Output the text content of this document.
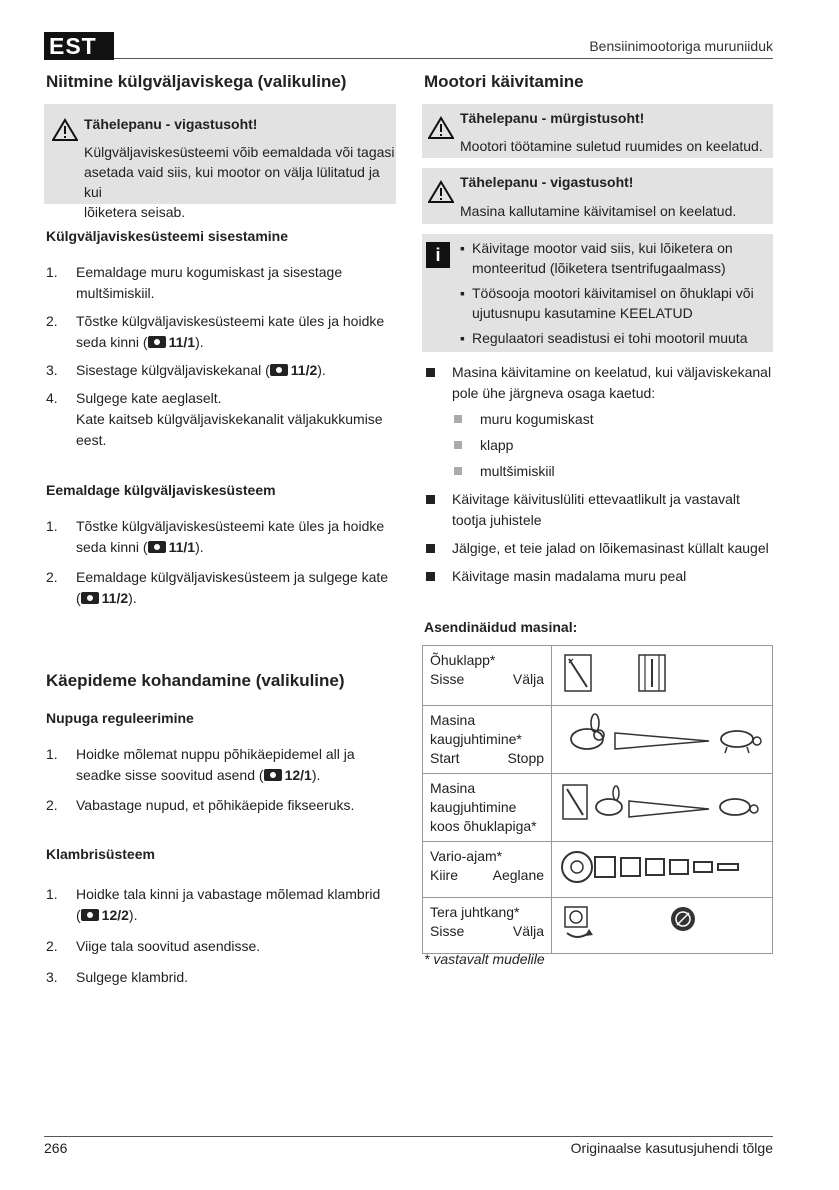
EST	Bensiinimootoriga muruniiduk
Niitmine külgväljaviskega (valikuline)
Tähelepanu - vigastusoht!
Külgväljaviskesüsteemi võib eemaldada või tagasi
asetada vaid siis, kui mootor on välja lülitatud ja kui
lõiketera seisab.
Külgväljaviskesüsteemi sisestamine
1. Eemaldage muru kogumiskast ja sisestage
multšimiskiil.
2. Tõstke külgväljaviskesüsteemi kate üles ja hoidke
seda kinni ( 11/1).
3. Sisestage külgväljaviskekanal ( 11/2).
4. Sulgege kate aeglaselt.
Kate kaitseb külgväljaviskekanalit väljakukkumise
eest.
Eemaldage külgväljaviskesüsteem
1. Tõstke külgväljaviskesüsteemi kate üles ja hoidke
seda kinni ( 11/1).
2. Eemaldage külgväljaviskesüsteem ja sulgege kate
( 11/2).
Käepideme kohandamine (valikuline)
Nupuga reguleerimine
1. Hoidke mõlemat nuppu põhikäepidemel all ja
seadke sisse soovitud asend ( 12/1).
2. Vabastage nupud, et põhikäepide fikseeruks.
Klambrisüsteem
1. Hoidke tala kinni ja vabastage mõlemad klambrid
( 12/2).
2. Viige tala soovitud asendisse.
3. Sulgege klambrid.
Mootori käivitamine
Tähelepanu - mürgistusoht!
Mootori töötamine suletud ruumides on keelatud.
Tähelepanu - vigastusoht!
Masina kallutamine käivitamisel on keelatud.
i	▪ Käivitage mootor vaid siis, kui lõiketera on
monteeritud (lõiketera tsentrifugaalmass)
▪ Töösooja mootori käivitamisel on õhuklapi või
ujutusnupu kasutamine KEELATUD
▪ Regulaatori seadistusi ei tohi mootoril muuta
Masina käivitamine on keelatud, kui väljaviskekanal
pole ühe järgneva osaga kaetud:
muru kogumiskast
klapp
multšimiskiil
Käivitage käivituslüliti ettevaatlikult ja vastavalt
tootja juhistele
Jälgige, et teie jalad on lõikemasinast küllalt kaugel
Käivitage masin madalama muru peal
Asendinäidud masinal:
Õhuklapp*
Sisse Välja

Masina
kaugjuhtimine*
Start Stopp

Masina
kaugjuhtimine
koos õhuklapiga*

Vario-ajam*
Kiire Aeglane

Tera juhtkang*
Sisse Välja

* vastavalt mudelile
266	Originaalse kasutusjuhendi tõlge
